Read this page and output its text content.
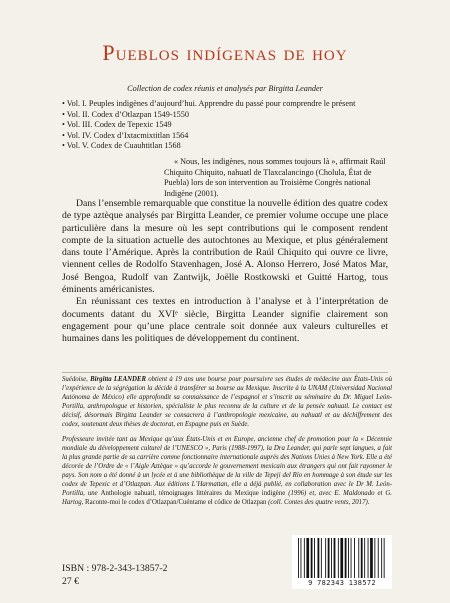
Pueblos indígenas de hoy
Collection de codex réunis et analysés par Birgitta Leander
• Vol. I. Peuples indigènes d’aujourd’hui. Apprendre du passé pour comprendre le présent
• Vol. II. Codex d’Otlazpan 1549-1550
• Vol. III. Codex de Tepexic 1549
• Vol. IV. Codex d’Ixtacmixtitlan 1564
• Vol. V. Codex de Cuauhtitlan 1568

« Nous, les indigènes, nous sommes toujours là », affirmait Raúl Chiquito Chiquito, nahuatl de Tlaxcalancingo (Cholula, État de Puebla) lors de son intervention au Troisième Congrès national Indigène (2001).

Dans l’ensemble remarquable que constitue la nouvelle édition des quatre codex de type aztèque analysés par Birgitta Leander, ce premier volume occupe une place particulière dans la mesure où les sept contributions qui le composent rendent compte de la situation actuelle des autochtones au Mexique, et plus généralement dans toute l’Amérique. Après la contribution de Raúl Chiquito qui ouvre ce livre, viennent celles de Rodolfo Stavenhagen, José A. Alonso Herrero, José Matos Mar, José Bengoa, Rudolf van Zantwijk, Joëlle Rostkowski et Guitté Hartog, tous éminents américanistes.

En réunissant ces textes en introduction à l’analyse et à l’interprétation de documents datant du XVIᵉ siècle, Birgitta Leander signifie clairement son engagement pour qu’une place centrale soit donnée aux valeurs culturelles et humaines dans les politiques de développement du continent.

Suédoise, Birgitta LEANDER obtient à 19 ans une bourse pour poursuivre ses études de médecine aux États-Unis où l’expérience de la ségrégation la décide à transférer sa bourse au Mexique. Inscrite à la UNAM (Universidad Nacional Autónoma de México) elle approfondit sa connaissance de l’espagnol et s’inscrit au séminaire du Dr. Miguel León-Portilla, anthropologue et historien, spécialiste le plus reconnu de la culture et de la pensée nahuatl. Le contact est décisif, désormais Birgitta Leander se consacrera à l’anthropologie mexicaine, au nahuatl et au déchiffrement des codex, soutenant deux thèses de doctorat, en Espagne puis en Suède.

Professeure invitée tant au Mexique qu’aux États-Unis et en Europe, ancienne chef de promotion pour la « Décennie mondiale du développement culturel de l’UNESCO », Paris (1988-1997), la Dra Leander, qui parle sept langues, a fait la plus grande partie de sa carrière comme fonctionnaire internationale auprès des Nations Unies à New York. Elle a été décorée de l’Ordre de « l’Aigle Aztèque » qu’accorde le gouvernement mexicain aux étrangers qui ont fait rayonner le pays. Son nom a été donné à un lycée et à une bibliothèque de la ville de Tepeji del Río en hommage à son étude sur les codex de Tepexic et d’Otlazpan. Aux éditions L’Harmattan, elle a déjà publié, en collaboration avec le Dr M. León-Portilla, une Anthologie nahuatl, témoignages littéraires du Mexique indigène (1996) et, avec E. Maldonado et G. Hartog, Raconte-moi le codex d’Otlazpan/Cuéntame el códice de Otlazpan (coll. Contes des quatre vents, 2017).

ISBN : 978-2-343-13857-2
27 €	9 782343 138572
